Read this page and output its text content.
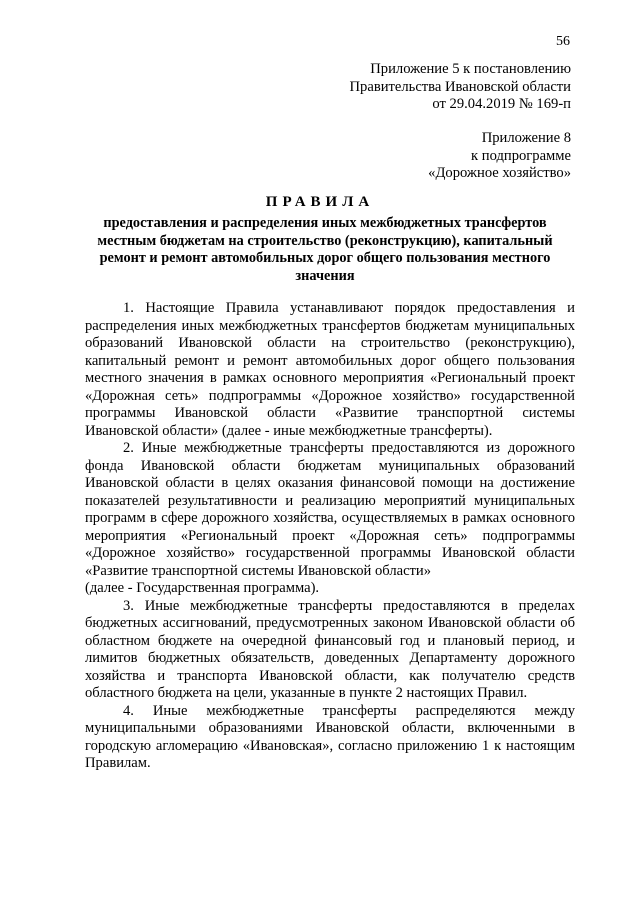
56
Приложение 5 к постановлению
Правительства Ивановской области
от 29.04.2019 № 169-п
Приложение 8
к подпрограмме
«Дорожное хозяйство»
ПРАВИЛА
предоставления и распределения иных межбюджетных трансфертов местным бюджетам на строительство (реконструкцию), капитальный ремонт и ремонт автомобильных дорог общего пользования местного значения

1. Настоящие Правила устанавливают порядок предоставления и распределения иных межбюджетных трансфертов бюджетам муниципальных образований Ивановской области на строительство (реконструкцию), капитальный ремонт и ремонт автомобильных дорог общего пользования местного значения в рамках основного мероприятия «Региональный проект «Дорожная сеть» подпрограммы «Дорожное хозяйство» государственной программы Ивановской области «Развитие транспортной системы Ивановской области» (далее - иные межбюджетные трансферты).

2. Иные межбюджетные трансферты предоставляются из дорожного фонда Ивановской области бюджетам муниципальных образований Ивановской области в целях оказания финансовой помощи на достижение показателей результативности и реализацию мероприятий муниципальных программ в сфере дорожного хозяйства, осуществляемых в рамках основного мероприятия «Региональный проект «Дорожная сеть» подпрограммы «Дорожное хозяйство» государственной программы Ивановской области «Развитие транспортной системы Ивановской области»

(далее - Государственная программа).

3. Иные межбюджетные трансферты предоставляются в пределах бюджетных ассигнований, предусмотренных законом Ивановской области об областном бюджете на очередной финансовый год и плановый период, и лимитов бюджетных обязательств, доведенных Департаменту дорожного хозяйства и транспорта Ивановской области, как получателю средств областного бюджета на цели, указанные в пункте 2 настоящих Правил.

4. Иные межбюджетные трансферты распределяются между муниципальными образованиями Ивановской области, включенными в городскую агломерацию «Ивановская», согласно приложению 1 к настоящим Правилам.
